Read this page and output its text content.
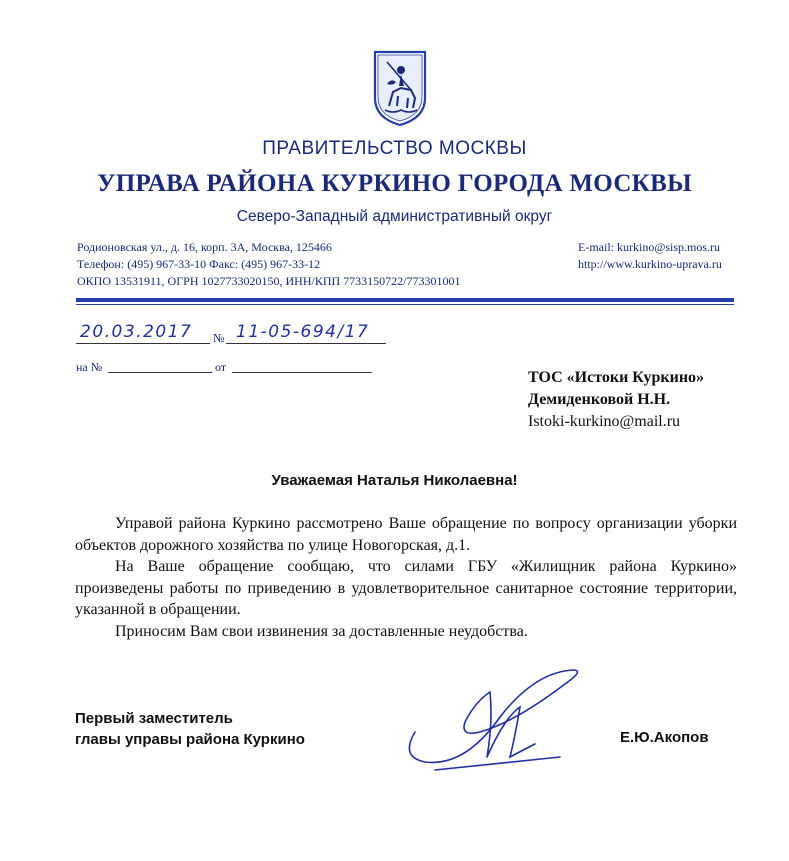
ПРАВИТЕЛЬСТВО МОСКВЫ
УПРАВА РАЙОНА КУРКИНО ГОРОДА МОСКВЫ
Северо-Западный административный округ
Родионовская ул., д. 16, корп. 3А, Москва, 125466
Телефон: (495) 967-33-10 Факс: (495) 967-33-12
ОКПО 13531911, ОГРН 1027733020150, ИНН/КПП 7733150722/773301001
E-mail: kurkino@sisp.mos.ru
http://www.kurkino-uprava.ru
20.03.2017 № 11-05-694/17
на №	от
ТОС «Истоки Куркино»
Демиденковой Н.Н.
Istoki-kurkino@mail.ru
Уважаемая Наталья Николаевна!

Управой района Куркино рассмотрено Ваше обращение по вопросу организации уборки объектов дорожного хозяйства по улице Новогорская, д.1.

На Ваше обращение сообщаю, что силами ГБУ «Жилищник района Куркино» произведены работы по приведению в удовлетворительное санитарное состояние территории, указанной в обращении.

Приносим Вам свои извинения за доставленные неудобства.

Первый заместитель
главы управы района Куркино	Е.Ю.Акопов
